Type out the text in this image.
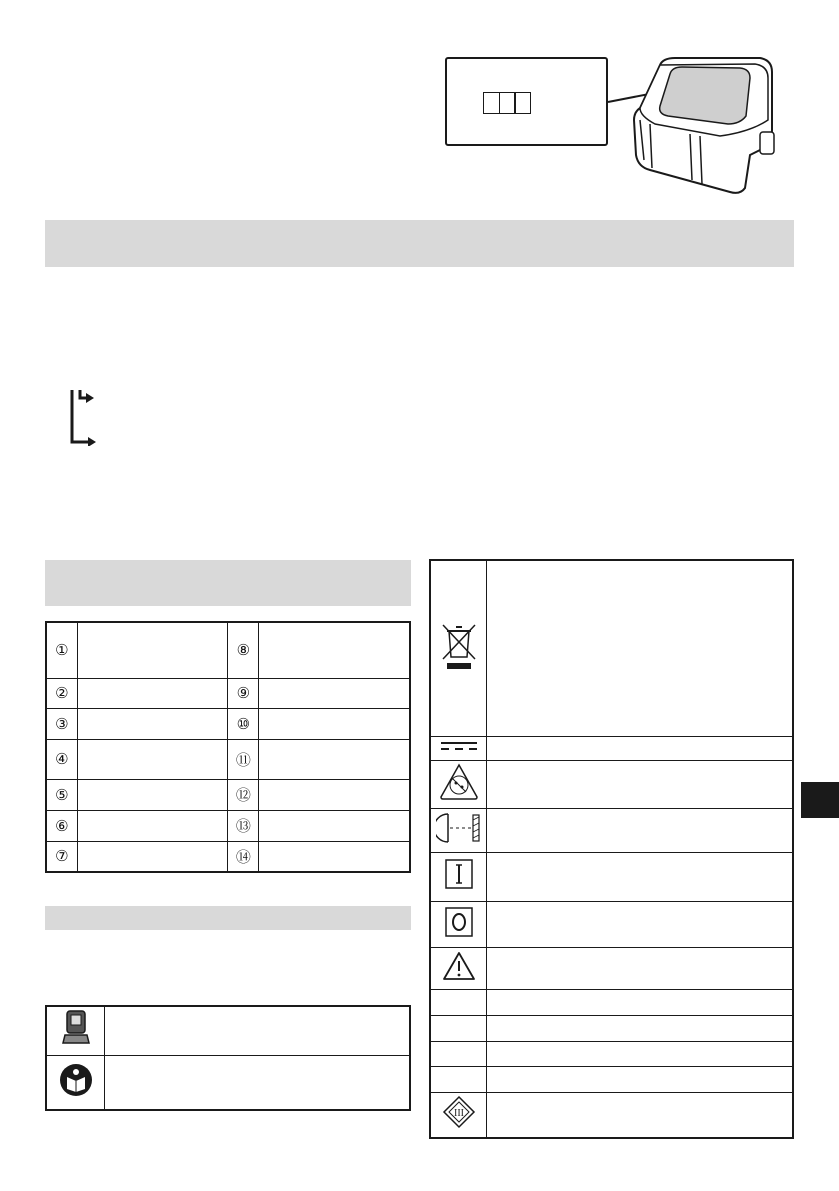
①		⑧	
②		⑨	
③		⑩	
④		⑪	
⑤		⑫	
⑥		⑬	
⑦		⑭	

III	
